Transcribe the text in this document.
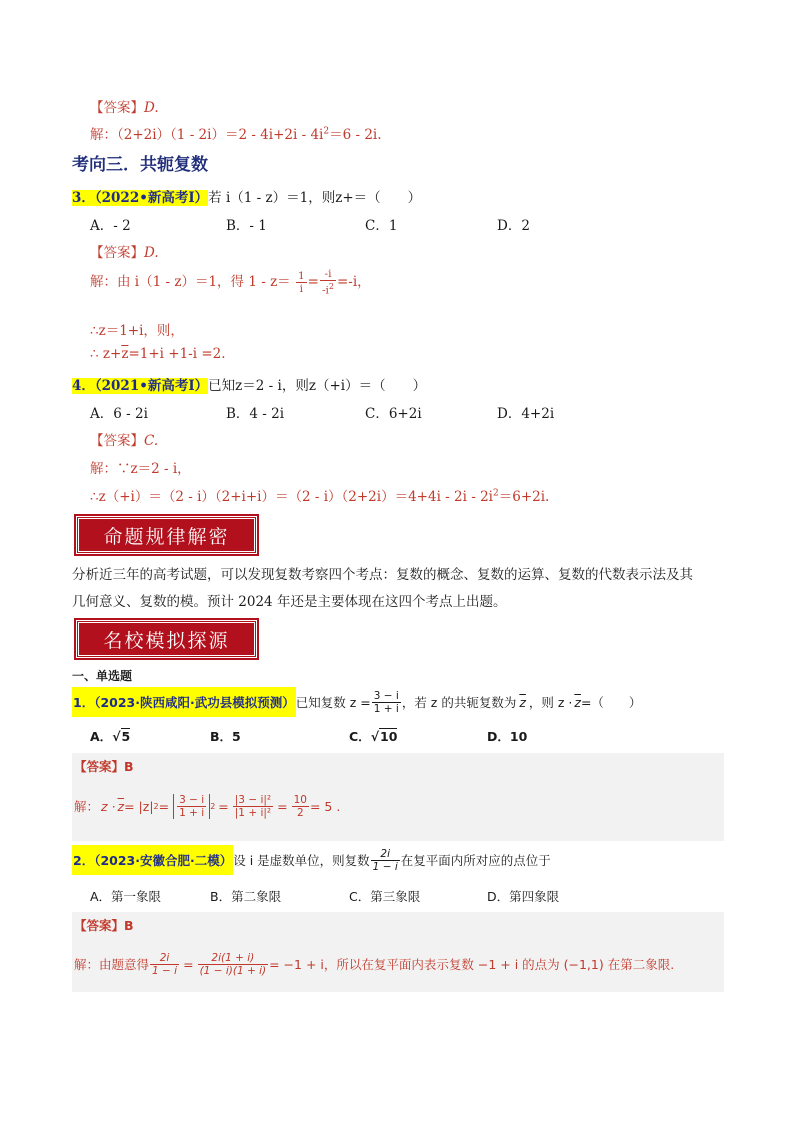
【答案】D.
解：$(2+2i)(1 - 2i)=2 - 4i+2i - 4i^2=6 - 2i$.
考向三．共轭复数
3．（2022•新高考Ⅰ）若 i（1 - z）＝1，则z+＝（　　）
A．- 2	B．- 1	C．1	D．2
【答案】D.
解：由 i（1 - z）＝1，得 $1 - z= \frac{1}{i} = \frac{-i}{-i^2} =-i$，
∴z＝1+i，则，
∴ $z+\overline{z}=1+i +1-i =2$.
4．（2021•新高考Ⅰ）已知z＝2 - i，则z（+i）＝（　　）
A．6 - 2i	B．4 - 2i	C．6+2i	D．4+2i
【答案】C.
解：∵z＝2 - i，
∴z（+i）＝（2 - $i)(2+i+i)=(2 - i)(2+2i)=4+4i - 2i - 2i^2=6+2i$.
命题规律解密
分析近三年的高考试题，可以发现复数考察四个考点：复数的概念、复数的运算、复数的代数表示法及其
几何意义、复数的模。预计 2024 年还是主要体现在这四个考点上出题。
名校模拟探源
一、单选题
1．（2023·陕西咸阳·武功县模拟预测） 已知复数 $z = \frac{3 - i}{1 + i}$ ，若 z 的共轭复数为 $\overline{z}$ ，则 $z \cdot \overline{z}$ =（　　）
A．√5	B．5	C．√10	D．10
【答案】B
解： $z \cdot \overline{z} = |z|$ $2 = \frac{3 - i}{1 + i} 2 = \frac{\text{|3 − i|²}}{\text{|1 + i|²}} = \frac{10}{2} = 5$ .
2．（2023·安徽合肥·二模） 设 i 是虚数单位，则复数 $\frac{2i}{1 - i}$ 在复平面内所对应的点位于
A．第一象限	B．第二象限	C．第三象限	D．第四象限
【答案】B
解：由题意得 $\frac{2i}{1 - i} = \frac{2i(1 + i)}{(1 - i)(1 + i)} = -1 + i$ ，所以在复平面内表示复数 −1 + i 的点为 (−1,1) 在第二象限.
